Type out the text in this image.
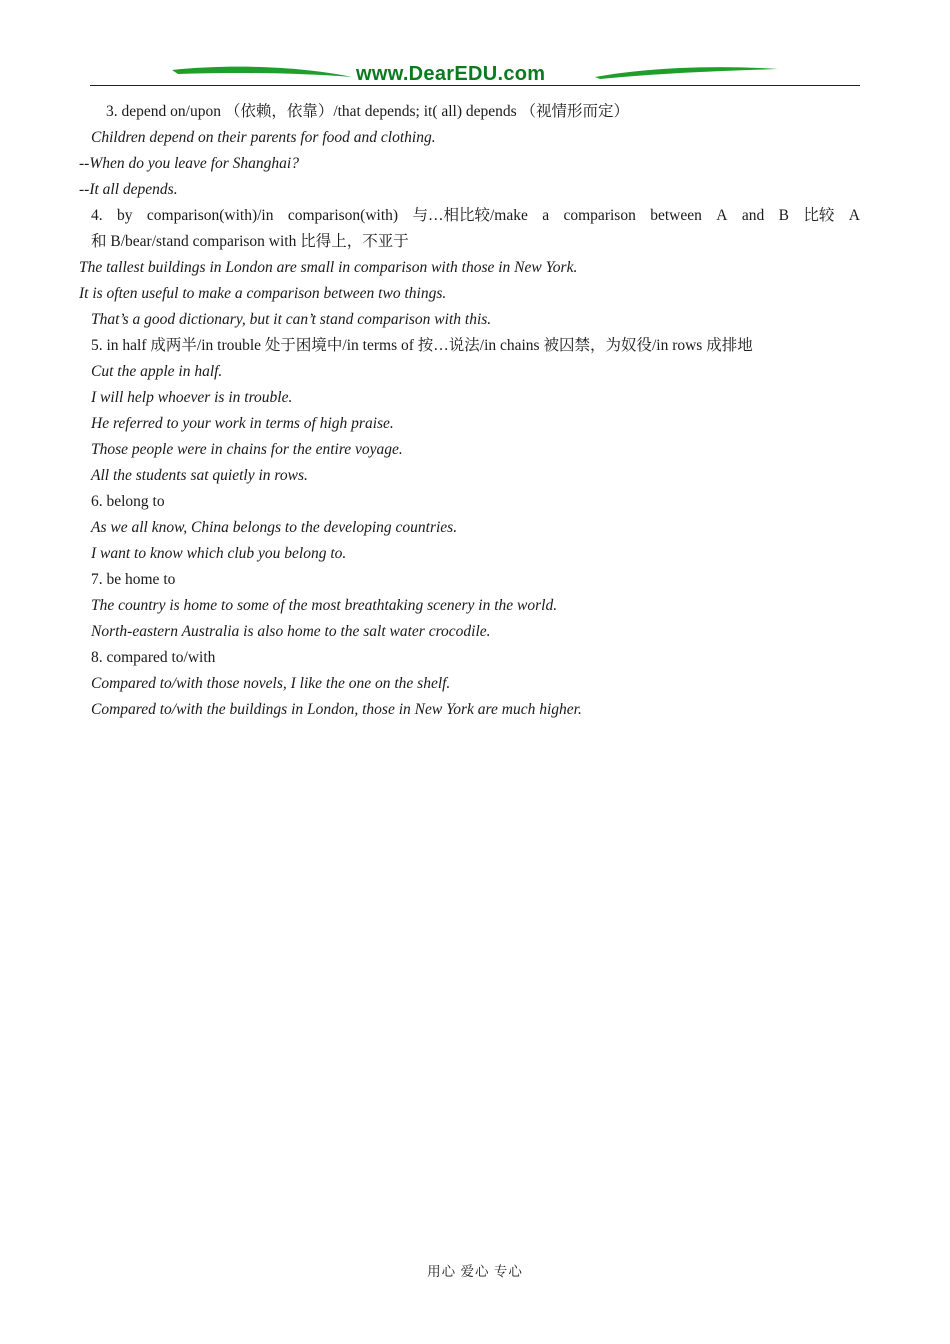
www.DearEDU.com
3. depend on/upon （依赖，依靠）/that depends; it( all) depends （视情形而定）
Children depend on their parents for food and clothing.
--When do you leave for Shanghai?
--It all depends.
4. by comparison(with)/in comparison(with) 与…相比较/make a comparison between A and B 比较 A
和 B/bear/stand comparison with 比得上，不亚于
The tallest buildings in London are small in comparison with those in New York.
It is often useful to make a comparison between two things.
That’s a good dictionary, but it can’t stand comparison with this.
5. in half 成两半/in trouble 处于困境中/in terms of 按…说法/in chains 被囚禁，为奴役/in rows 成排地
Cut the apple in half.
I will help whoever is in trouble.
He referred to your work in terms of high praise.
Those people were in chains for the entire voyage.
All the students sat quietly in rows.
6. belong to
As we all know, China belongs to the developing countries.
I want to know which club you belong to.
7. be home to
The country is home to some of the most breathtaking scenery in the world.
North-eastern Australia is also home to the salt water crocodile.
8. compared to/with
Compared to/with those novels, I like the one on the shelf.
Compared to/with the buildings in London, those in New York are much higher.
用心 爱心 专心
